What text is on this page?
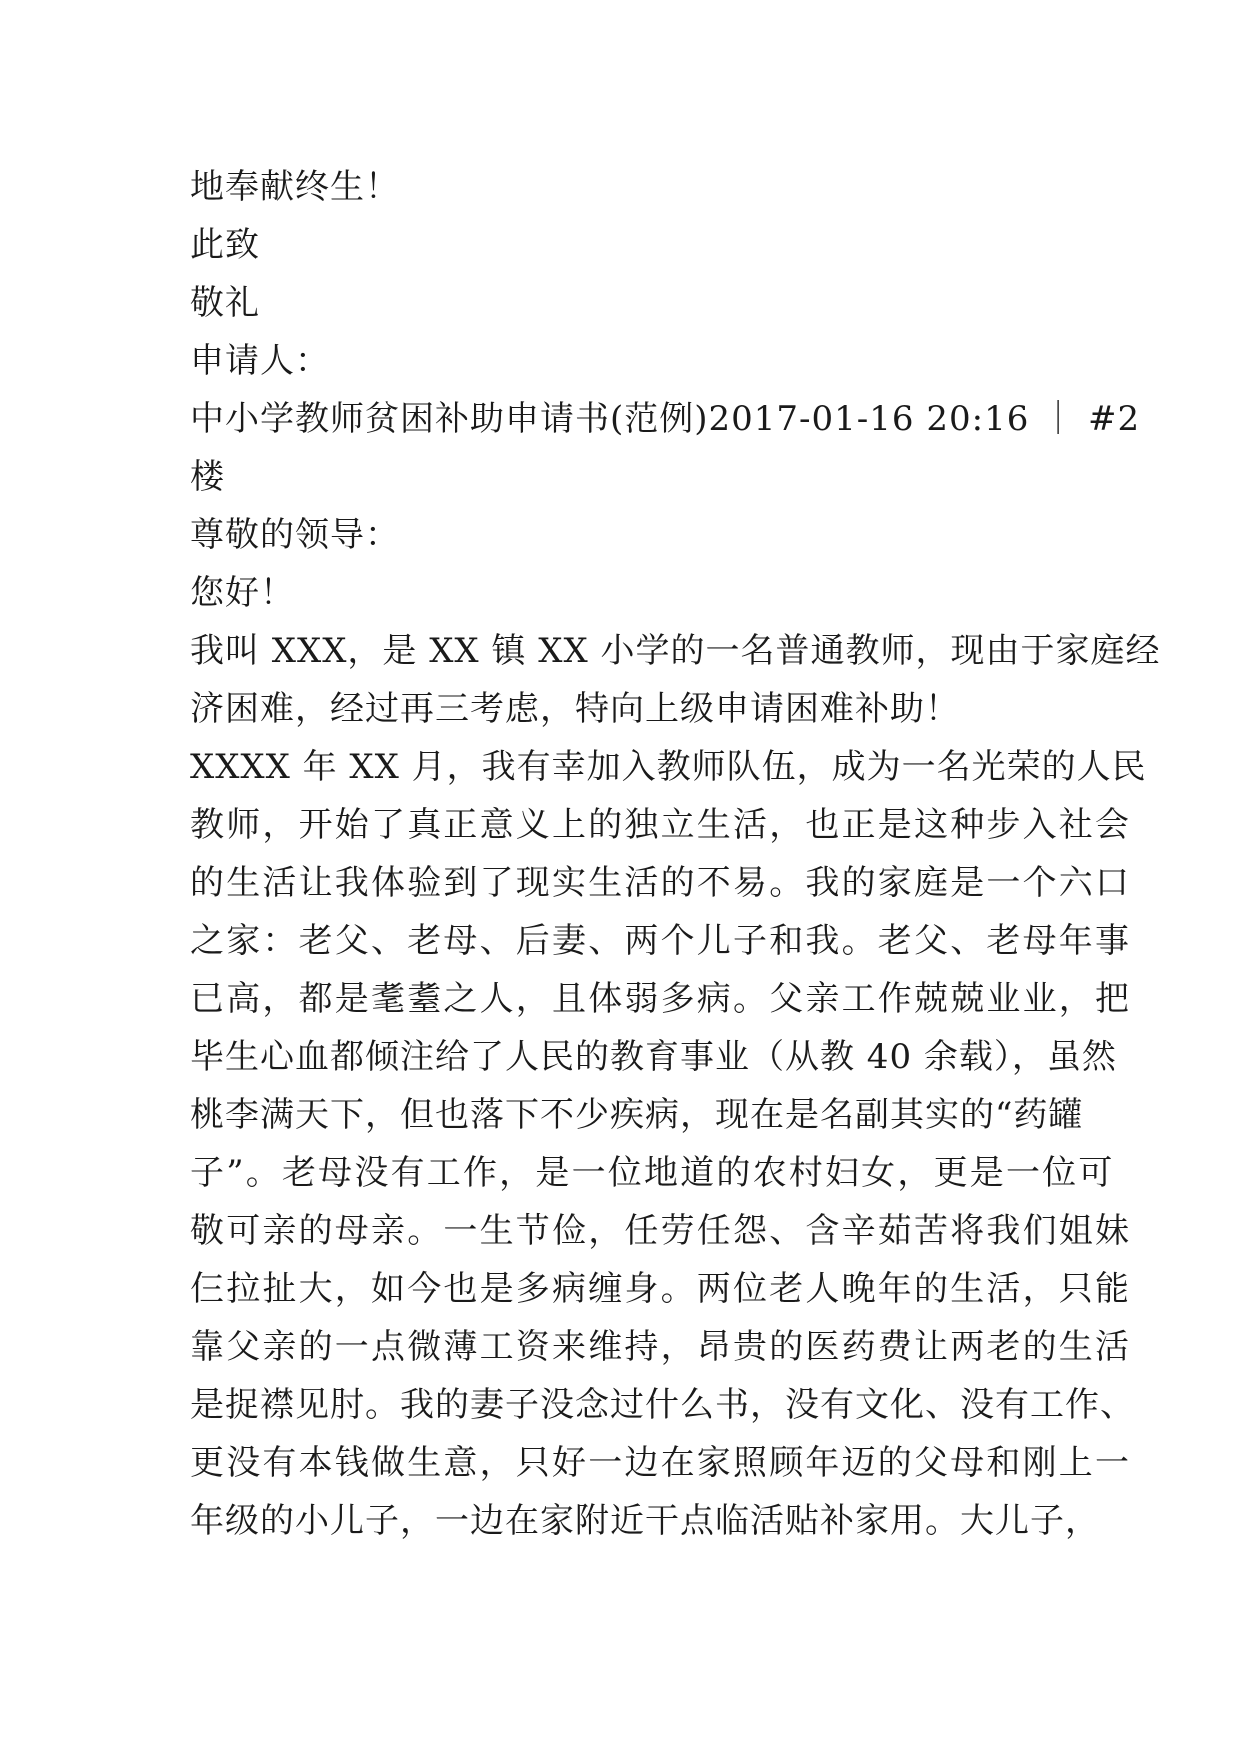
地奉献终生！
此致
敬礼
申请人：
中小学教师贫困补助申请书(范例)2017-01-16 20:16 ｜ #2
楼
尊敬的领导：
您好！
我叫 XXX，是 XX 镇 XX 小学的一名普通教师，现由于家庭经
济困难，经过再三考虑，特向上级申请困难补助！
XXXX 年 XX 月，我有幸加入教师队伍，成为一名光荣的人民
教师，开始了真正意义上的独立生活，也正是这种步入社会
的生活让我体验到了现实生活的不易。我的家庭是一个六口
之家：老父、老母、后妻、两个儿子和我。老父、老母年事
已高，都是耄耋之人，且体弱多病。父亲工作兢兢业业，把
毕生心血都倾注给了人民的教育事业（从教 40 余载），虽然
桃李满天下，但也落下不少疾病，现在是名副其实的“药罐
子”。老母没有工作，是一位地道的农村妇女，更是一位可
敬可亲的母亲。一生节俭，任劳任怨、含辛茹苦将我们姐妹
仨拉扯大，如今也是多病缠身。两位老人晚年的生活，只能
靠父亲的一点微薄工资来维持，昂贵的医药费让两老的生活
是捉襟见肘。我的妻子没念过什么书，没有文化、没有工作、
更没有本钱做生意，只好一边在家照顾年迈的父母和刚上一
年级的小儿子，一边在家附近干点临活贴补家用。大儿子，
